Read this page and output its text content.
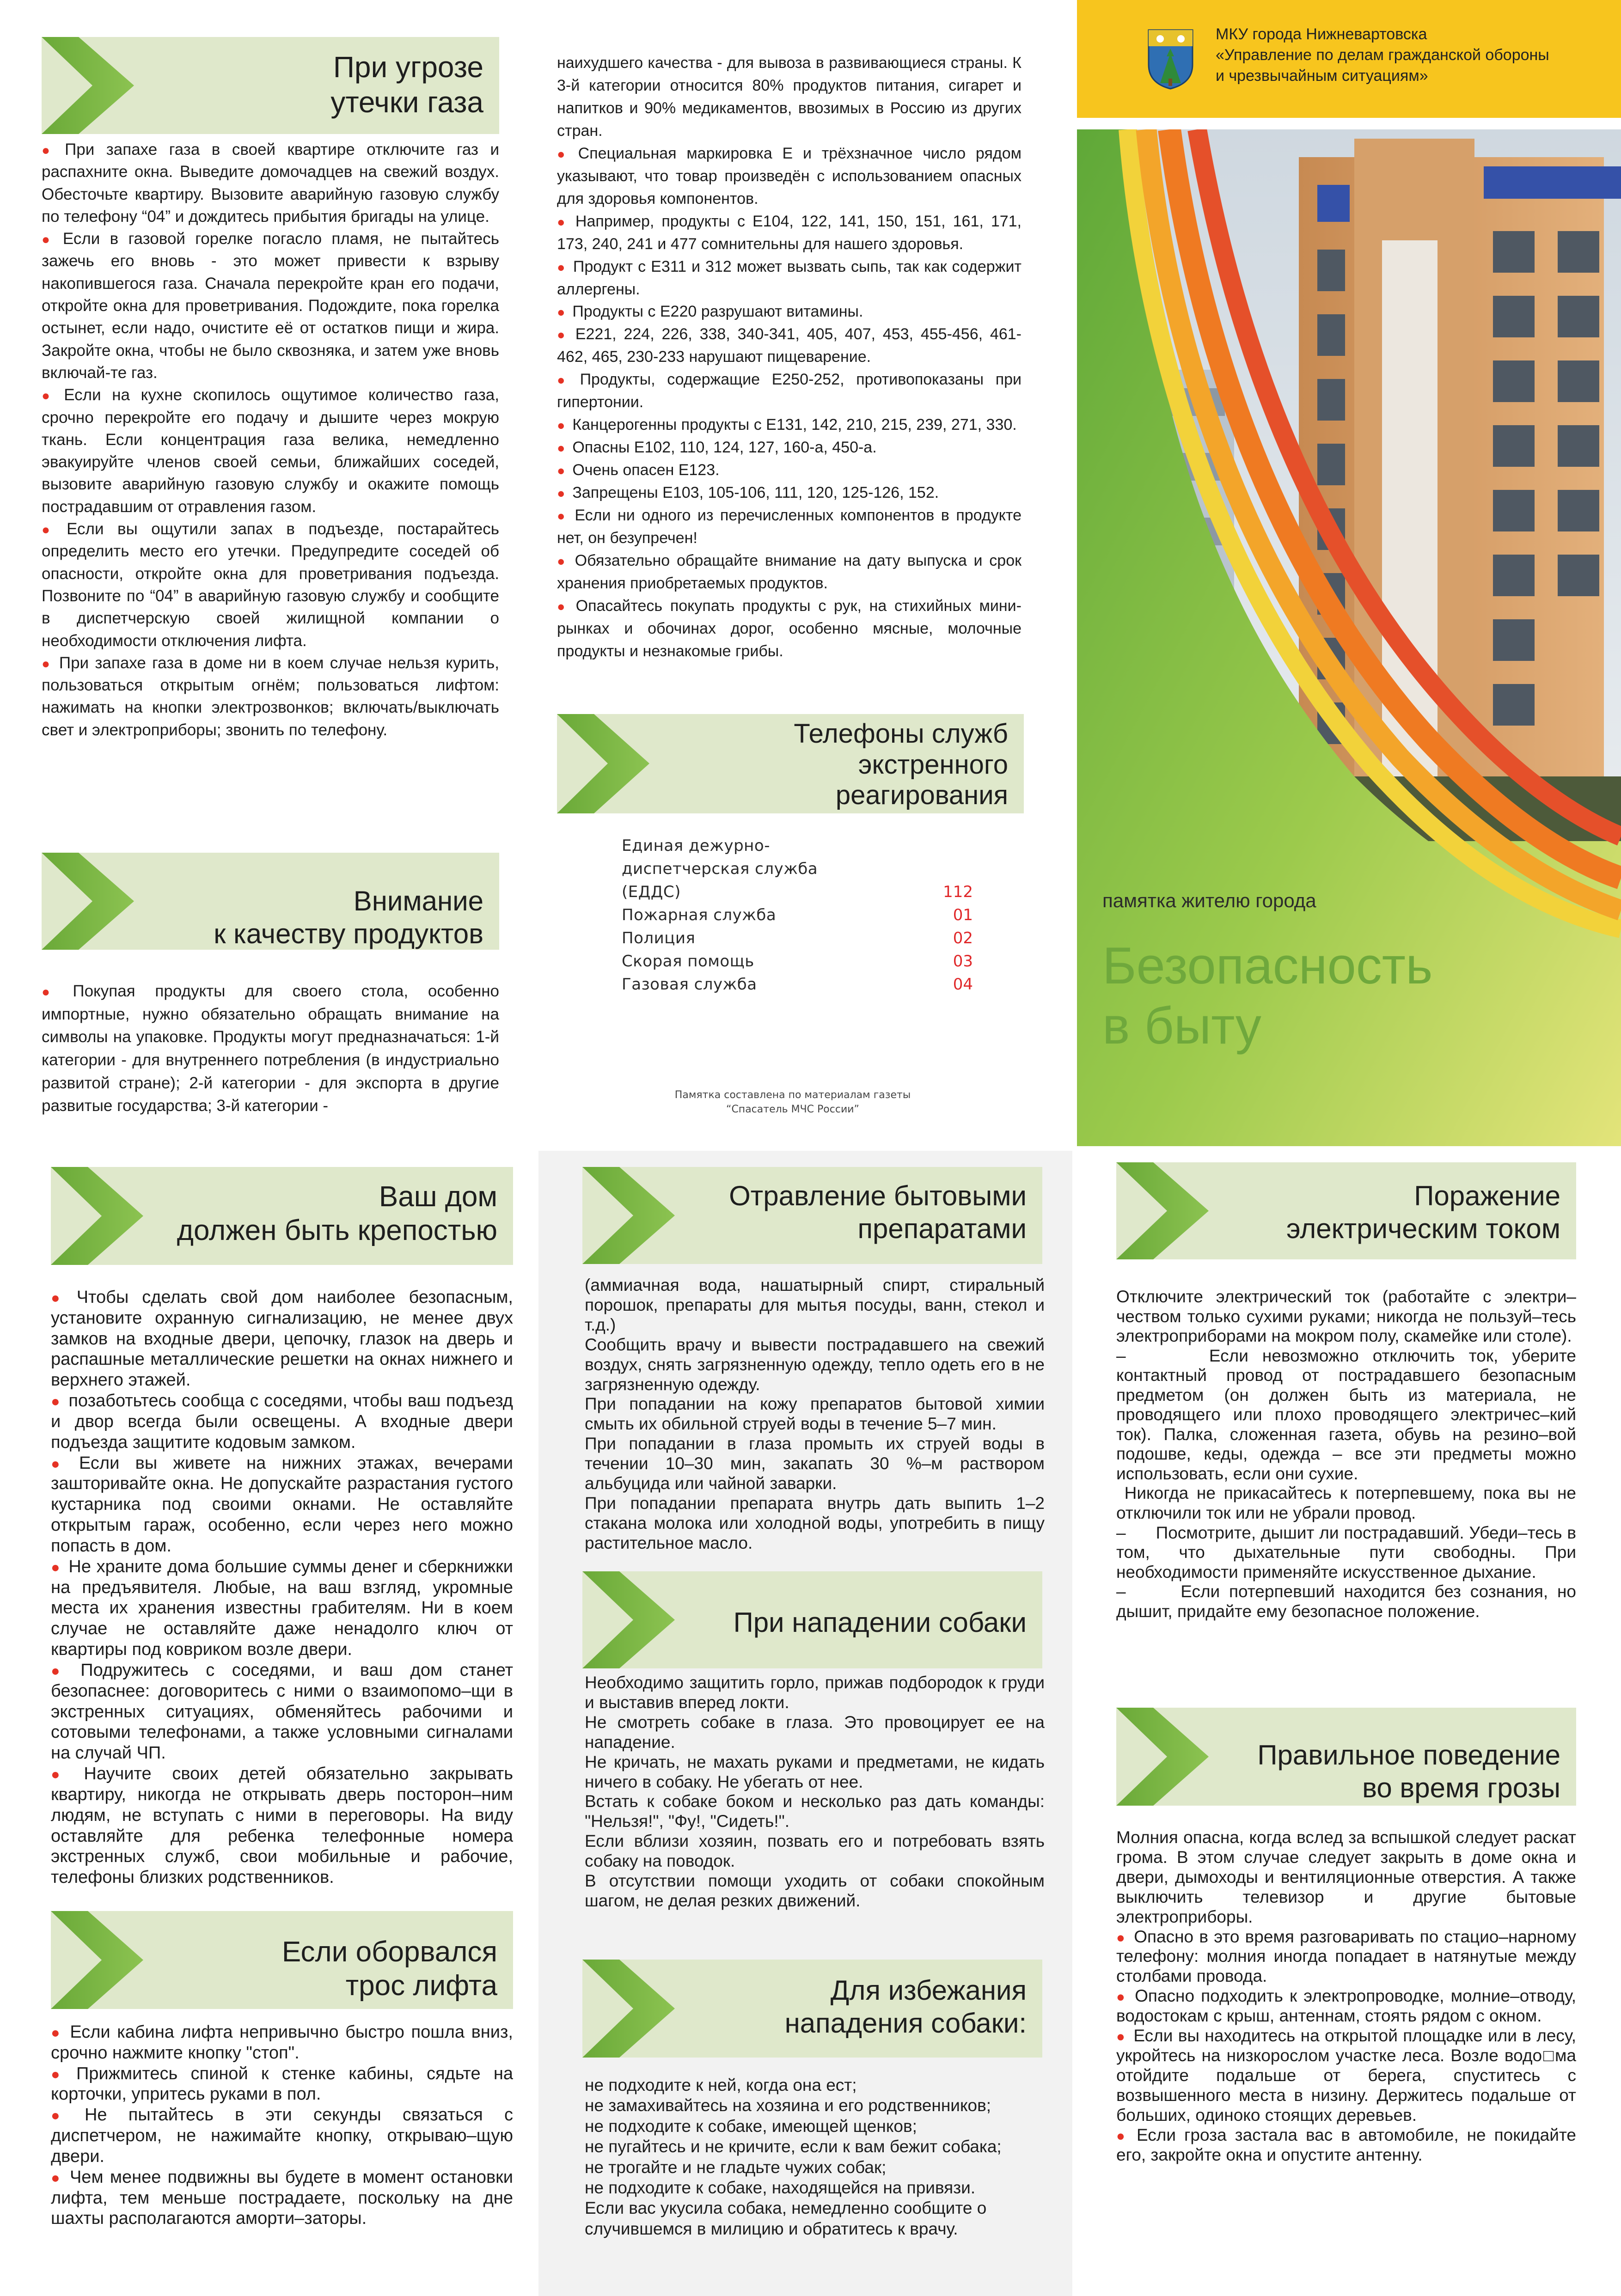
При угрозе
утечки газа

● При запахе газа в своей квартире отключите газ и распахните окна. Выведите домочадцев на свежий воздух. Обесточьте квартиру. Вызовите аварийную газовую службу по телефону “04” и дождитесь прибытия бригады на улице.

● Если в газовой горелке погасло пламя, не пытайтесь зажечь его вновь - это может привести к взрыву накопившегося газа. Сначала перекройте кран его подачи, откройте окна для проветривания. Подождите, пока горелка остынет, если надо, очистите её от остатков пищи и жира. Закройте окна, чтобы не было сквозняка, и затем уже вновь включай-те газ.

● Если на кухне скопилось ощутимое количество газа, срочно перекройте его подачу и дышите через мокрую ткань. Если концентрация газа велика, немедленно эвакуируйте членов своей семьи, ближайших соседей, вызовите аварийную газовую службу и окажите помощь пострадавшим от отравления газом.

● Если вы ощутили запах в подъезде, постарайтесь определить место его утечки. Предупредите соседей об опасности, откройте окна для проветривания подъезда. Позвоните по “04” в аварийную газовую службу и сообщите в диспетчерскую своей жилищной компании о необходимости отключения лифта.

● При запахе газа в доме ни в коем случае нельзя курить, пользоваться открытым огнём; пользоваться лифтом: нажимать на кнопки электрозвонков; включать/выключать свет и электроприборы; звонить по телефону.

Внимание
к качеству продуктов

● Покупая продукты для своего стола, особенно импортные, нужно обязательно обращать внимание на символы на упаковке. Продукты могут предназначаться: 1-й категории - для внутреннего потребления (в индустриально развитой стране); 2-й категории - для экспорта в другие развитые государства; 3-й категории -

наихудшего качества - для вывоза в развивающиеся страны. К 3-й категории относится 80% продуктов питания, сигарет и напитков и 90% медикаментов, ввозимых в Россию из других стран.

● Специальная маркировка Е и трёхзначное число рядом указывают, что товар произведён с использованием опасных для здоровья компонентов.

● Например, продукты с Е104, 122, 141, 150, 151, 161, 171, 173, 240, 241 и 477 сомнительны для нашего здоровья.

● Продукт с Е311 и 312 может вызвать сыпь, так как содержит аллергены.

● Продукты с Е220 разрушают витамины.

● Е221, 224, 226, 338, 340-341, 405, 407, 453, 455-456, 461-462, 465, 230-233 нарушают пищеварение.

● Продукты, содержащие Е250-252, противопоказаны при гипертонии.

● Канцерогенны продукты с Е131, 142, 210, 215, 239, 271, 330.

● Опасны Е102, 110, 124, 127, 160-а, 450-а.

● Очень опасен Е123.

● Запрещены Е103, 105-106, 111, 120, 125-126, 152.

● Если ни одного из перечисленных компонентов в продукте нет, он безупречен!

● Обязательно обращайте внимание на дату выпуска и срок хранения приобретаемых продуктов.

● Опасайтесь покупать продукты с рук, на стихийных мини-рынках и обочинах дорог, особенно мясные, молочные продукты и незнакомые грибы.

Телефоны служб
экстренного
реагирования
Единая дежурно-
диспетчерская служба
(ЕДДС)	112
Пожарная служба	01
Полиция	02
Скорая помощь	03
Газовая служба	04
Памятка составлена по материалам газеты
“Спасатель МЧС России”
МКУ города Нижневартовска
«Управление по делам гражданской обороны
и чрезвычайным ситуациям»
памятка жителю города
Безопасность
в быту
Ваш дом
должен быть крепостью

● Чтобы сделать свой дом наиболее безопасным, установите охранную сигнализацию, не менее двух замков на входные двери, цепочку, глазок на дверь и распашные металлические решетки на окнах нижнего и верхнего этажей.

● позаботьтесь сообща с соседями, чтобы ваш подъезд и двор всегда были освещены. А входные двери подъезда защитите кодовым замком.

● Если вы живете на нижних этажах, вечерами зашторивайте окна. Не допускайте разрастания густого кустарника под своими окнами. Не оставляйте открытым гараж, особенно, если через него можно попасть в дом.

● Не храните дома большие суммы денег и сберкнижки на предъявителя. Любые, на ваш взгляд, укромные места их хранения известны грабителям. Ни в коем случае не оставляйте даже ненадолго ключ от квартиры под ковриком возле двери.

● Подружитесь с соседями, и ваш дом станет безопаснее: договоритесь с ними о взаимопомо–щи в экстренных ситуациях, обменяйтесь рабочими и сотовыми телефонами, а также условными сигналами на случай ЧП.

● Научите своих детей обязательно закрывать квартиру, никогда не открывать дверь посторон–ним людям, не вступать с ними в переговоры. На виду оставляйте для ребенка телефонные номера экстренных служб, свои мобильные и рабочие, телефоны близких родственников.

Если оборвался
трос лифта

● Если кабина лифта непривычно быстро пошла вниз, срочно нажмите кнопку "стоп".

● Прижмитесь спиной к стенке кабины, сядьте на корточки, упритесь руками в пол.

● Не пытайтесь в эти секунды связаться с диспетчером, не нажимайте кнопку, открываю–щую двери.

● Чем менее подвижны вы будете в момент остановки лифта, тем меньше пострадаете, поскольку на дне шахты располагаются аморти–заторы.

Отравление бытовыми
препаратами

(аммиачная вода, нашатырный спирт, стиральный порошок, препараты для мытья посуды, ванн, стекол и т.д.)

Сообщить врачу и вывести пострадавшего на свежий воздух, снять загрязненную одежду, тепло одеть его в не загрязненную одежду.

При попадании на кожу препаратов бытовой химии смыть их обильной струей воды в течение 5–7 мин.

При попадании в глаза промыть их струей воды в течении 10–30 мин, закапать 30 %–м раствором альбуцида или чайной заварки.

При попадании препарата внутрь дать выпить 1–2 стакана молока или холодной воды, употребить в пищу растительное масло.

При нападении собаки

Необходимо защитить горло, прижав подбородок к груди и выставив вперед локти.

Не смотреть собаке в глаза. Это провоцирует ее на нападение.

Не кричать, не махать руками и предметами, не кидать ничего в собаку. Не убегать от нее.

Встать к собаке боком и несколько раз дать команды: "Нельзя!", "Фу!, "Сидеть!".

Если вблизи хозяин, позвать его и потребовать взять собаку на поводок.

В отсутствии помощи уходить от собаки спокойным шагом, не делая резких движений.

Для избежания
нападения собаки:

не подходите к ней, когда она ест;

не замахивайтесь на хозяина и его родственников;

не подходите к собаке, имеющей щенков;

не пугайтесь и не кричите, если к вам бежит собака;

не трогайте и не гладьте чужих собак;

не подходите к собаке, находящейся на привязи.

Если вас укусила собака, немедленно сообщите о случившемся в милицию и обратитесь к врачу.

Поражение
электрическим током

Отключите электрический ток (работайте с электри–чеством только сухими руками; никогда не пользуй–тесь электроприборами на мокром полу, скамейке или столе).

–      Если невозможно отключить ток, уберите контактный провод от пострадавшего безопасным предметом (он должен быть из материала, не проводящего или плохо проводящего электричес–кий ток). Палка, сложенная газета, обувь на резино–вой подошве, кеды, одежда – все эти предметы можно использовать, если они сухие.

Никогда не прикасайтесь к потерпевшему, пока вы не отключили ток или не убрали провод.

–      Посмотрите, дышит ли пострадавший. Убеди–тесь в том, что дыхательные пути свободны. При необходимости применяйте искусственное дыхание.

–      Если потерпевший находится без сознания, но дышит, придайте ему безопасное положение.

Правильное поведение
во время грозы

Молния опасна, когда вслед за вспышкой следует раскат грома. В этом случае следует закрыть в доме окна и двери, дымоходы и вентиляционные отверстия. А также выключить телевизор и другие бытовые электроприборы.

● Опасно в это время разговаривать по стацио–нарному телефону: молния иногда попадает в натянутые между столбами провода.

● Опасно подходить к электропроводке, молние–отводу, водостокам с крыш, антеннам, стоять рядом с окном.

● Если вы находитесь на открытой площадке или в лесу, укройтесь на низкорослом участке леса. Возле водо□ма отойдите подальше от берега, спуститесь с возвышенного места в низину. Держитесь подальше от больших, одиноко стоящих деревьев.

● Если гроза застала вас в автомобиле, не покидайте его, закройте окна и опустите антенну.
